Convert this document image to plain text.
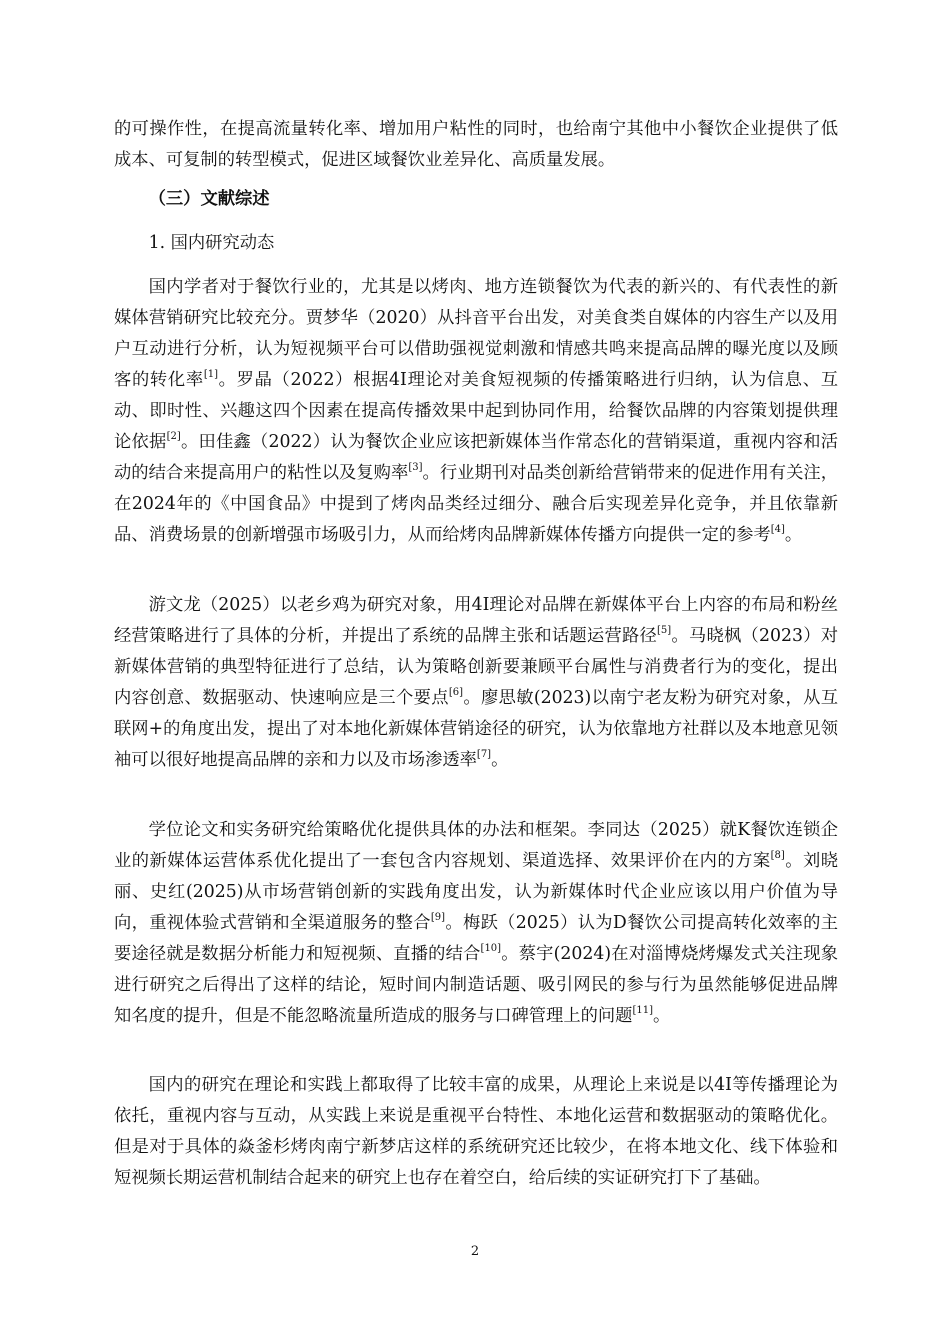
的可操作性，在提高流量转化率、增加用户粘性的同时，也给南宁其他中小餐饮企业提供了低成本、可复制的转型模式，促进区域餐饮业差异化、高质量发展。

（三）文献综述

1. 国内研究动态

国内学者对于餐饮行业的，尤其是以烤肉、地方连锁餐饮为代表的新兴的、有代表性的新媒体营销研究比较充分。贾梦华（2020）从抖音平台出发，对美食类自媒体的内容生产以及用户互动进行分析，认为短视频平台可以借助强视觉刺激和情感共鸣来提高品牌的曝光度以及顾客的转化率[1]。罗晶（2022）根据4I理论对美食短视频的传播策略进行归纳，认为信息、互动、即时性、兴趣这四个因素在提高传播效果中起到协同作用，给餐饮品牌的内容策划提供理论依据[2]。田佳鑫（2022）认为餐饮企业应该把新媒体当作常态化的营销渠道，重视内容和活动的结合来提高用户的粘性以及复购率[3]。行业期刊对品类创新给营销带来的促进作用有关注，在2024年的《中国食品》中提到了烤肉品类经过细分、融合后实现差异化竞争，并且依靠新品、消费场景的创新增强市场吸引力，从而给烤肉品牌新媒体传播方向提供一定的参考[4]。

游文龙（2025）以老乡鸡为研究对象，用4I理论对品牌在新媒体平台上内容的布局和粉丝经营策略进行了具体的分析，并提出了系统的品牌主张和话题运营路径[5]。马晓枫（2023）对新媒体营销的典型特征进行了总结，认为策略创新要兼顾平台属性与消费者行为的变化，提出内容创意、数据驱动、快速响应是三个要点[6]。廖思敏(2023)以南宁老友粉为研究对象，从互联网+的角度出发，提出了对本地化新媒体营销途径的研究，认为依靠地方社群以及本地意见领袖可以很好地提高品牌的亲和力以及市场渗透率[7]。

学位论文和实务研究给策略优化提供具体的办法和框架。李同达（2025）就K餐饮连锁企业的新媒体运营体系优化提出了一套包含内容规划、渠道选择、效果评价在内的方案[8]。刘晓丽、史红(2025)从市场营销创新的实践角度出发，认为新媒体时代企业应该以用户价值为导向，重视体验式营销和全渠道服务的整合[9]。梅跃（2025）认为D餐饮公司提高转化效率的主要途径就是数据分析能力和短视频、直播的结合[10]。蔡宇(2024)在对淄博烧烤爆发式关注现象进行研究之后得出了这样的结论，短时间内制造话题、吸引网民的参与行为虽然能够促进品牌知名度的提升，但是不能忽略流量所造成的服务与口碑管理上的问题[11]。

国内的研究在理论和实践上都取得了比较丰富的成果，从理论上来说是以4I等传播理论为依托，重视内容与互动，从实践上来说是重视平台特性、本地化运营和数据驱动的策略优化。但是对于具体的焱釜杉烤肉南宁新梦店这样的系统研究还比较少，在将本地文化、线下体验和短视频长期运营机制结合起来的研究上也存在着空白，给后续的实证研究打下了基础。

2
